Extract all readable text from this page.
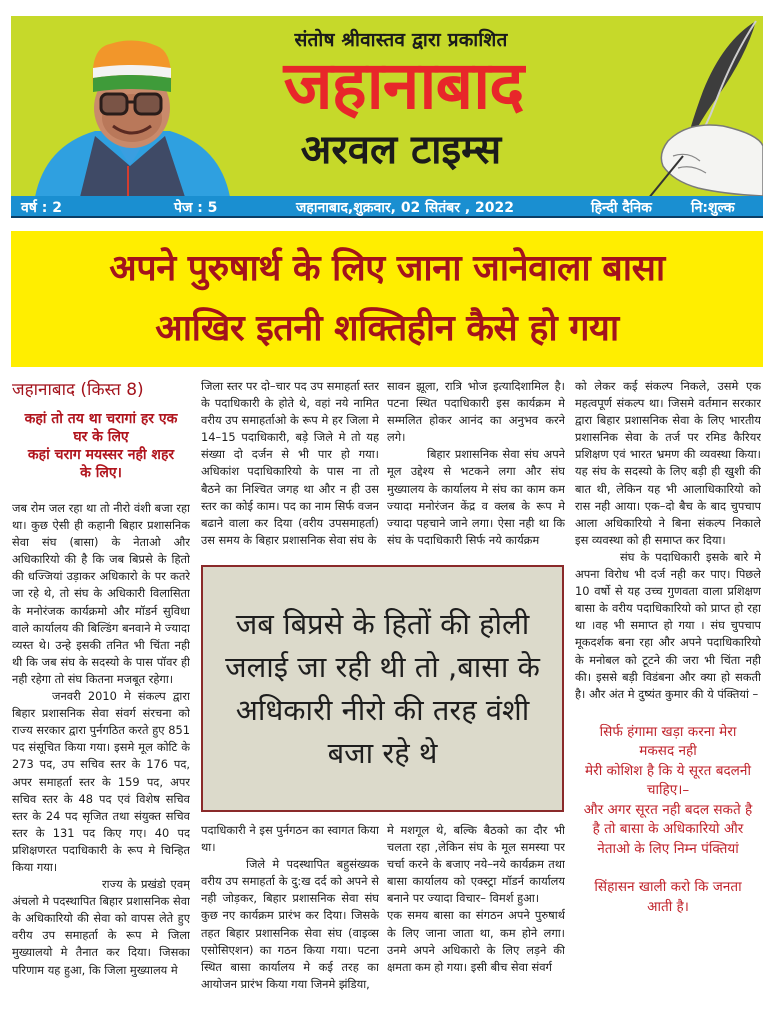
संतोष श्रीवास्तव द्वारा प्रकाशित
जहानाबाद
अरवल टाइम्स
वर्ष : 2	पेज : 5	जहानाबाद,शुक्रवार, 02 सितंबर , 2022	हिन्दी दैनिक	नि:शुल्क
अपने पुरुषार्थ के लिए जाना जानेवाला बासा
आखिर इतनी शक्तिहीन कैसे हो गया
जहानाबाद (किस्त 8)
कहां तो तय था चरागां हर एक
घर के लिए
कहां चराग मयस्सर नही शहर
के लिए।

जब रोम जल रहा था तो नीरो वंशी बजा रहा था। कुछ ऐसी ही कहानी बिहार प्रशासनिक सेवा संघ (बासा) के नेताओ और अधिकारियो की है कि जब बिप्रसे के हितो की धज्जियां उड़ाकर अधिकारो के पर कतरे जा रहे थे, तो संघ के अधिकारी विलासिता के मनोरंजक कार्यक्रमो और मॉडर्न सुविधा वाले कार्यालय की बिल्डिंग बनवाने मे ज्यादा व्यस्त थे। उन्हे इसकी तनित भी चिंता नही थी कि जब संघ के सदस्यो के पास पॉवर ही नही रहेगा तो संघ कितना मजबूत रहेगा।

जनवरी 2010 मे संकल्प द्वारा बिहार प्रशासनिक सेवा संवर्ग संरचना को राज्य सरकार द्वारा पुर्नगठित करते हुए 851 पद संसूचित किया गया। इसमे मूल कोटि के 273 पद, उप सचिव स्तर के 176 पद, अपर समाहर्ता स्तर के 159 पद, अपर सचिव स्तर के 48 पद एवं विशेष सचिव स्तर के 24 पद सृजित तथा संयुक्त सचिव स्तर के 131 पद किए गए। 40 पद प्रशिक्षणरत पदाधिकारी के रूप मे चिन्हित किया गया।

राज्य के प्रखंडो एवम् अंचलो मे पदस्थापित बिहार प्रशासनिक सेवा के अधिकारियो की सेवा को वापस लेते हुए वरीय उप समाहर्ता के रूप मे जिला मुख्यालयो मे तैनात कर दिया। जिसका परिणाम यह हुआ, कि जिला मुख्यालय मे

जिला स्तर पर दो–चार पद उप समाहर्ता स्तर के पदाधिकारी के होते थे, वहां नये नामित वरीय उप समाहर्ताओ के रूप मे हर जिला मे 14–15 पदाधिकारी, बड़े जिले मे तो यह संख्या दो दर्जन से भी पार हो गया। अधिकांश पदाधिकारियो के पास ना तो बैठने का निश्चित जगह था और न ही उस स्तर का कोई काम। पद का नाम सिर्फ वजन बढाने वाला कर दिया (वरीय उपसमाहर्ता) उस समय के बिहार प्रशासनिक सेवा संघ के

सावन झूला, रात्रि भोज इत्यादिशामिल है। पटना स्थित पदाधिकारी इस कार्यक्रम मे सम्मलित होकर आनंद का अनुभव करने लगे।

बिहार प्रशासनिक सेवा संघ अपने मूल उद्देश्य से भटकने लगा और संघ मुख्यालय के कार्यालय मे संघ का काम कम ज्यादा मनोरंजन केंद्र व क्लब के रूप मे ज्यादा पहचाने जाने लगा। ऐसा नही था कि संघ के पदाधिकारी सिर्फ नये कार्यक्रम

जब बिप्रसे के हितों की होली जलाई जा रही थी तो ,बासा के अधिकारी नीरो की तरह वंशी बजा रहे थे

पदाधिकारी ने इस पुर्नगठन का स्वागत किया था।

जिले मे पदस्थापित बहुसंख्यक वरीय उप समाहर्ता के दु:ख दर्द को अपने से नही जोड़कर, बिहार प्रशासनिक सेवा संघ कुछ नए कार्यक्रम प्रारंभ कर दिया। जिसके तहत बिहार प्रशासनिक सेवा संघ (वाइव्स एसोसिएशन) का गठन किया गया। पटना स्थित बासा कार्यालय मे कई तरह का आयोजन प्रारंभ किया गया जिनमे झंडिया,

मे मशगूल थे, बल्कि बैठको का दौर भी चलता रहा ,लेकिन संघ के मूल समस्या पर चर्चा करने के बजाए नये–नये कार्यक्रम तथा बासा कार्यालय को एक्स्ट्रा मॉडर्न कार्यालय बनाने पर ज्यादा विचार– विमर्श हुआ।

एक समय बासा का संगठन अपने पुरुषार्थ के लिए जाना जाता था, कम होने लगा। उनमे अपने अधिकारो के लिए लड़ने की क्षमता कम हो गया। इसी बीच सेवा संवर्ग

को लेकर कई संकल्प निकले, उसमे एक महत्वपूर्ण संकल्प था। जिसमे वर्तमान सरकार द्वारा बिहार प्रशासनिक सेवा के लिए भारतीय प्रशासनिक सेवा के तर्ज पर रमिड कैरियर प्रशिक्षण एवं भारत भ्रमण की व्यवस्था किया। यह संघ के सदस्यो के लिए बड़ी ही खुशी की बात थी, लेकिन यह भी आलाधिकारियो को रास नही आया। एक–दो बैच के बाद चुपचाप आला अधिकारियो ने बिना संकल्प निकाले इस व्यवस्था को ही समाप्त कर दिया।

संघ के पदाधिकारी इसके बारे मे अपना विरोध भी दर्ज नही कर पाए। पिछले 10 वर्षो से यह उच्च गुणवता वाला प्रशिक्षण बासा के वरीय पदाधिकारियो को प्राप्त हो रहा था ।वह भी समाप्त हो गया । संघ चुपचाप मूकदर्शक बना रहा और अपने पदाधिकारियो के मनोबल को टूटने की जरा भी चिंता नही की। इससे बड़ी विडंबना और क्या हो सकती है। और अंत मे दुष्यंत कुमार की ये पंक्तियां –

सिर्फ हंगामा खड़ा करना मेरा

मकसद नही

मेरी कोशिश है कि ये सूरत बदलनी

चाहिए।–

और अगर सूरत नही बदल सकते है

है तो बासा के अधिकारियो और

नेताओ के लिए निम्न पंक्तियां

सिंहासन खाली करो कि जनता

आती है।
